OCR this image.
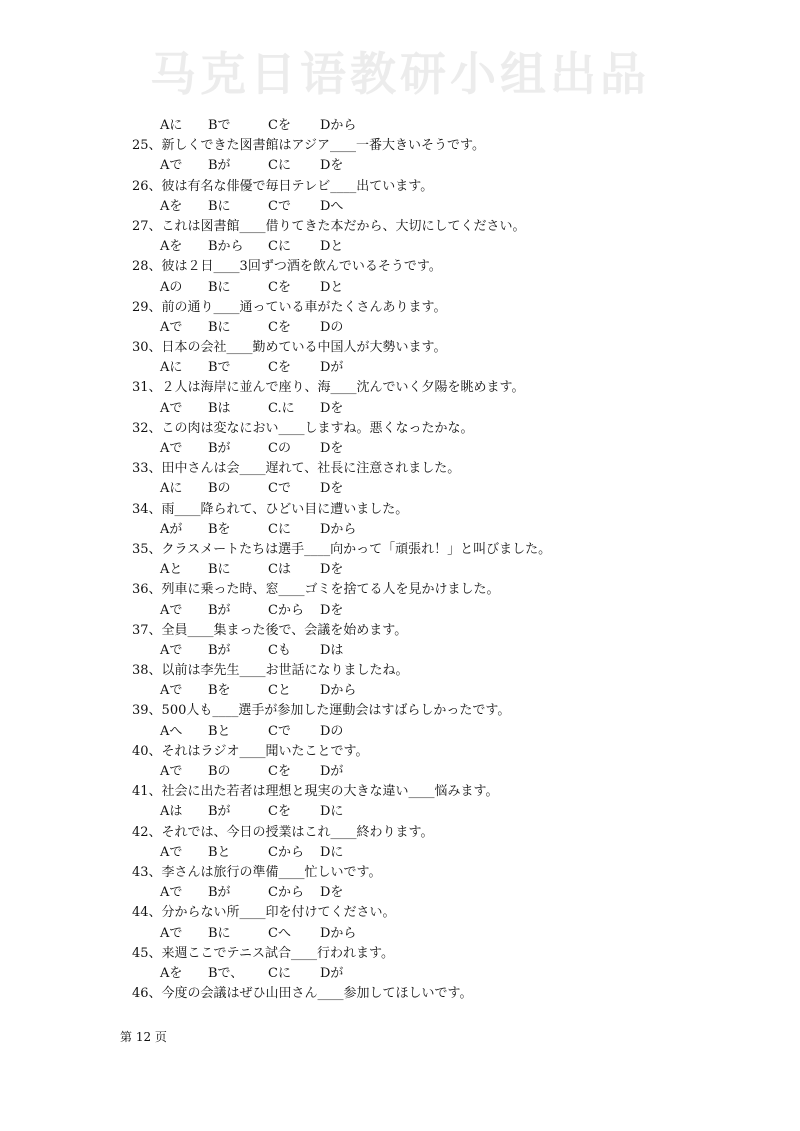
马克日语教研小组出品
Aに Bで	Cを Dから
25、新しくできた図書館はアジア____一番大きいそうです。
Aで Bが	Cに Dを
26、彼は有名な俳優で毎日テレビ____出ています。
Aを Bに	Cで Dへ
27、これは図書館____借りてきた本だから、大切にしてください。
Aを Bから Cに Dと
28、彼は２日____3回ずつ酒を飲んでいるそうです。
Aの Bに	Cを Dと
29、前の通り____通っている車がたくさんあります。
Aで Bに	Cを Dの
30、日本の会社____勤めている中国人が大勢います。
Aに Bで	Cを Dが
31、２人は海岸に並んで座り、海____沈んでいく夕陽を眺めます。
Aで Bは	C.に Dを
32、この肉は変なにおい____しますね。悪くなったかな。
Aで Bが	Cの Dを
33、田中さんは会____遅れて、社長に注意されました。
Aに Bの	Cで Dを
34、雨____降られて、ひどい目に遭いました。
Aが Bを	Cに Dから
35、クラスメートたちは選手____向かって「頑張れ！」と叫びました。
Aと Bに	Cは Dを
36、列車に乗った時、窓____ゴミを捨てる人を見かけました。
Aで Bが	Cから Dを
37、全員____集まった後で、会議を始めます。
Aで Bが	Cも Dは
38、以前は李先生____お世話になりましたね。
Aで Bを	Cと Dから
39、500人も____選手が参加した運動会はすばらしかったです。
Aへ Bと	Cで Dの
40、それはラジオ____聞いたことです。
Aで Bの	Cを Dが
41、社会に出た若者は理想と現実の大きな違い____悩みます。
Aは Bが	Cを Dに
42、それでは、今日の授業はこれ____終わります。
Aで Bと	Cから Dに
43、李さんは旅行の準備____忙しいです。
Aで Bが	Cから Dを
44、分からない所____印を付けてください。
Aで Bに	Cへ Dから
45、来週ここでテニス試合____行われます。
Aを Bで、 Cに Dが
46、今度の会議はぜひ山田さん____参加してほしいです。
第 12 页
